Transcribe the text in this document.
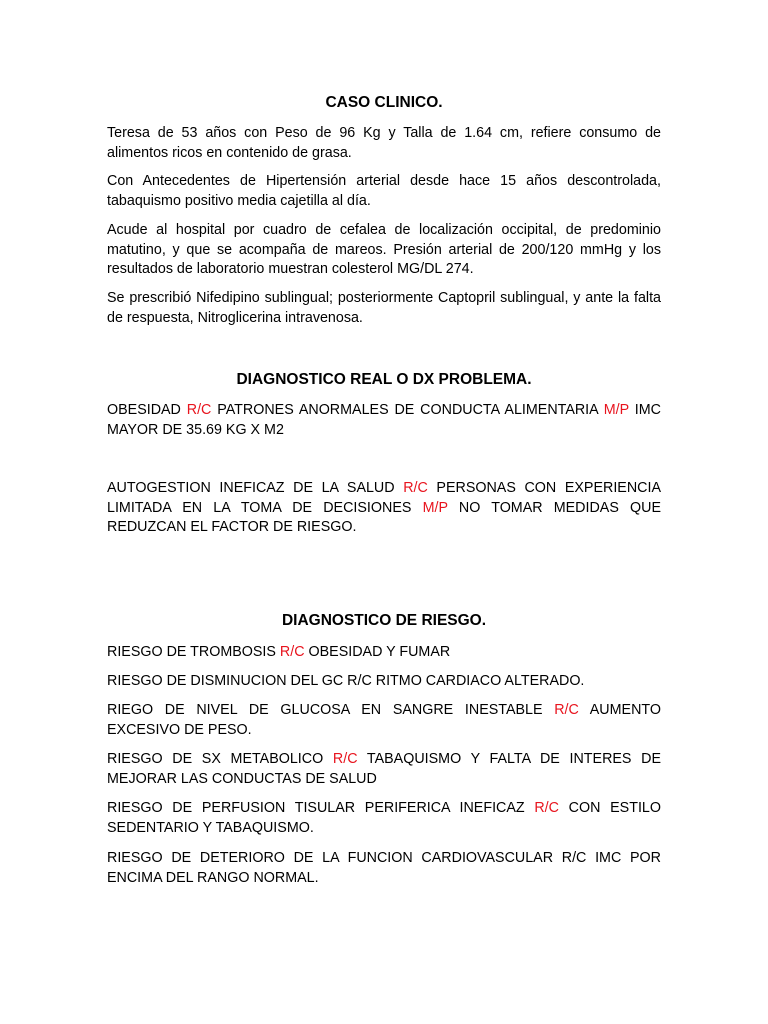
CASO CLINICO.

Teresa de 53 años con Peso de 96 Kg y Talla de 1.64 cm, refiere consumo de alimentos ricos en contenido de grasa.

Con Antecedentes de Hipertensión arterial desde hace 15 años descontrolada, tabaquismo positivo media cajetilla al día.

Acude al hospital por cuadro de cefalea de localización occipital, de predominio matutino, y que se acompaña de mareos. Presión arterial de 200/120 mmHg y los resultados de laboratorio muestran colesterol MG/DL 274.

Se prescribió Nifedipino sublingual; posteriormente Captopril sublingual, y ante la falta de respuesta, Nitroglicerina intravenosa.

DIAGNOSTICO REAL O DX PROBLEMA.

OBESIDAD R/C PATRONES ANORMALES DE CONDUCTA ALIMENTARIA M/P IMC MAYOR DE 35.69 KG X M2

AUTOGESTION INEFICAZ DE LA SALUD R/C PERSONAS CON EXPERIENCIA LIMITADA EN LA TOMA DE DECISIONES M/P NO TOMAR MEDIDAS QUE REDUZCAN EL FACTOR DE RIESGO.

DIAGNOSTICO DE RIESGO.

RIESGO DE TROMBOSIS R/C OBESIDAD Y FUMAR

RIESGO DE DISMINUCION DEL GC R/C RITMO CARDIACO ALTERADO.

RIEGO DE NIVEL DE GLUCOSA EN SANGRE INESTABLE R/C AUMENTO EXCESIVO DE PESO.

RIESGO DE SX METABOLICO R/C TABAQUISMO Y FALTA DE INTERES DE MEJORAR LAS CONDUCTAS DE SALUD

RIESGO DE PERFUSION TISULAR PERIFERICA INEFICAZ R/C CON ESTILO SEDENTARIO Y TABAQUISMO.

RIESGO DE DETERIORO DE LA FUNCION CARDIOVASCULAR R/C IMC POR ENCIMA DEL RANGO NORMAL.
